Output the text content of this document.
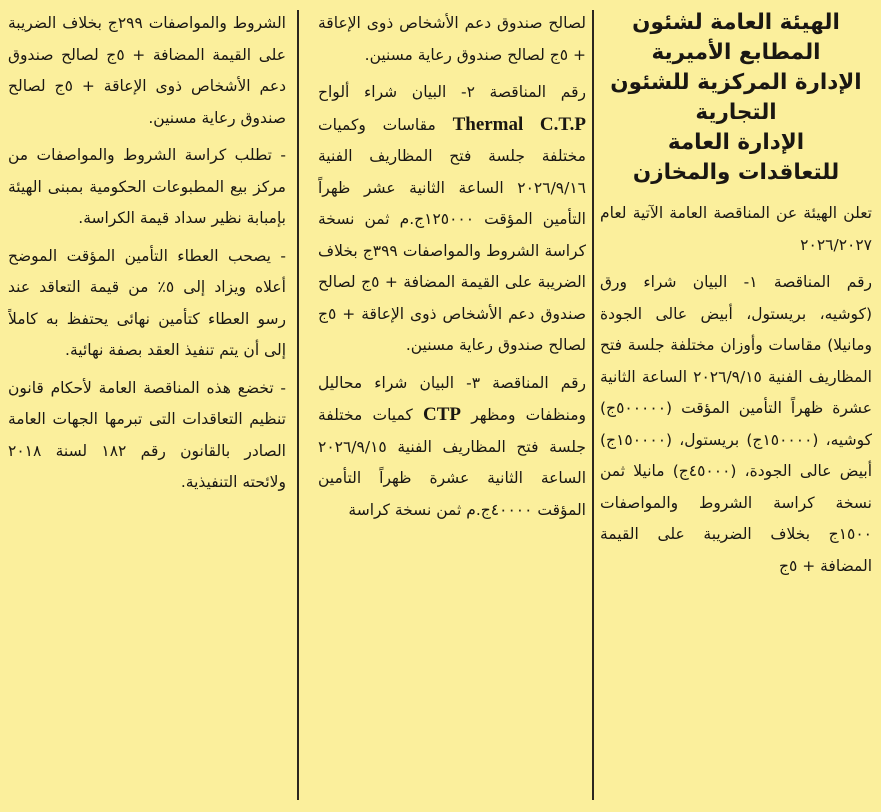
الهيئة العامة لشئون
المطابع الأميرية
الإدارة المركزية للشئون
التجارية
الإدارة العامة
للتعاقدات والمخازن

تعلن الهيئة عن المناقصة العامة الآتية لعام ٢٠٢٦/٢٠٢٧

رقم المناقصة ١- البيان شراء ورق (كوشيه، بريستول، أبيض عالى الجودة ومانيلا) مقاسات وأوزان مختلفة جلسة فتح المظاريف الفنية ٢٠٢٦/٩/١٥ الساعة الثانية عشرة ظهراً التأمين المؤقت (٥٠٠٠٠٠ج) كوشيه، (١٥٠٠٠٠ج) بريستول، (١٥٠٠٠٠ج) أبيض عالى الجودة، (٤٥٠٠٠ج) مانيلا ثمن نسخة كراسة الشروط والمواصفات ١٥٠٠ج بخلاف الضريبة على القيمة المضافة + ٥ج

لصالح صندوق دعم الأشخاص ذوى الإعاقة + ٥ج لصالح صندوق رعاية مسنين.

رقم المناقصة ٢- البيان شراء ألواح Thermal C.T.P مقاسات وكميات مختلفة جلسة فتح المظاريف الفنية ٢٠٢٦/٩/١٦ الساعة الثانية عشر ظهراً التأمين المؤقت ١٢٥٠٠٠ج.م ثمن نسخة كراسة الشروط والمواصفات ٣٩٩ج بخلاف الضريبة على القيمة المضافة + ٥ج لصالح صندوق دعم الأشخاص ذوى الإعاقة + ٥ج لصالح صندوق رعاية مسنين.

رقم المناقصة ٣- البيان شراء محاليل ومنظفات ومظهر CTP كميات مختلفة جلسة فتح المظاريف الفنية ٢٠٢٦/٩/١٥ الساعة الثانية عشرة ظهراً التأمين المؤقت ٤٠٠٠٠ج.م ثمن نسخة كراسة

الشروط والمواصفات ٢٩٩ج بخلاف الضريبة على القيمة المضافة + ٥ج لصالح صندوق دعم الأشخاص ذوى الإعاقة + ٥ج لصالح صندوق رعاية مسنين.

- تطلب كراسة الشروط والمواصفات من مركز بيع المطبوعات الحكومية بمبنى الهيئة بإمبابة نظير سداد قيمة الكراسة.

- يصحب العطاء التأمين المؤقت الموضح أعلاه ويزاد إلى ٥٪ من قيمة التعاقد عند رسو العطاء كتأمين نهائى يحتفظ به كاملاً إلى أن يتم تنفيذ العقد بصفة نهائية.

- تخضع هذه المناقصة العامة لأحكام قانون تنظيم التعاقدات التى تبرمها الجهات العامة الصادر بالقانون رقم ١٨٢ لسنة ٢٠١٨ ولائحته التنفيذية.
